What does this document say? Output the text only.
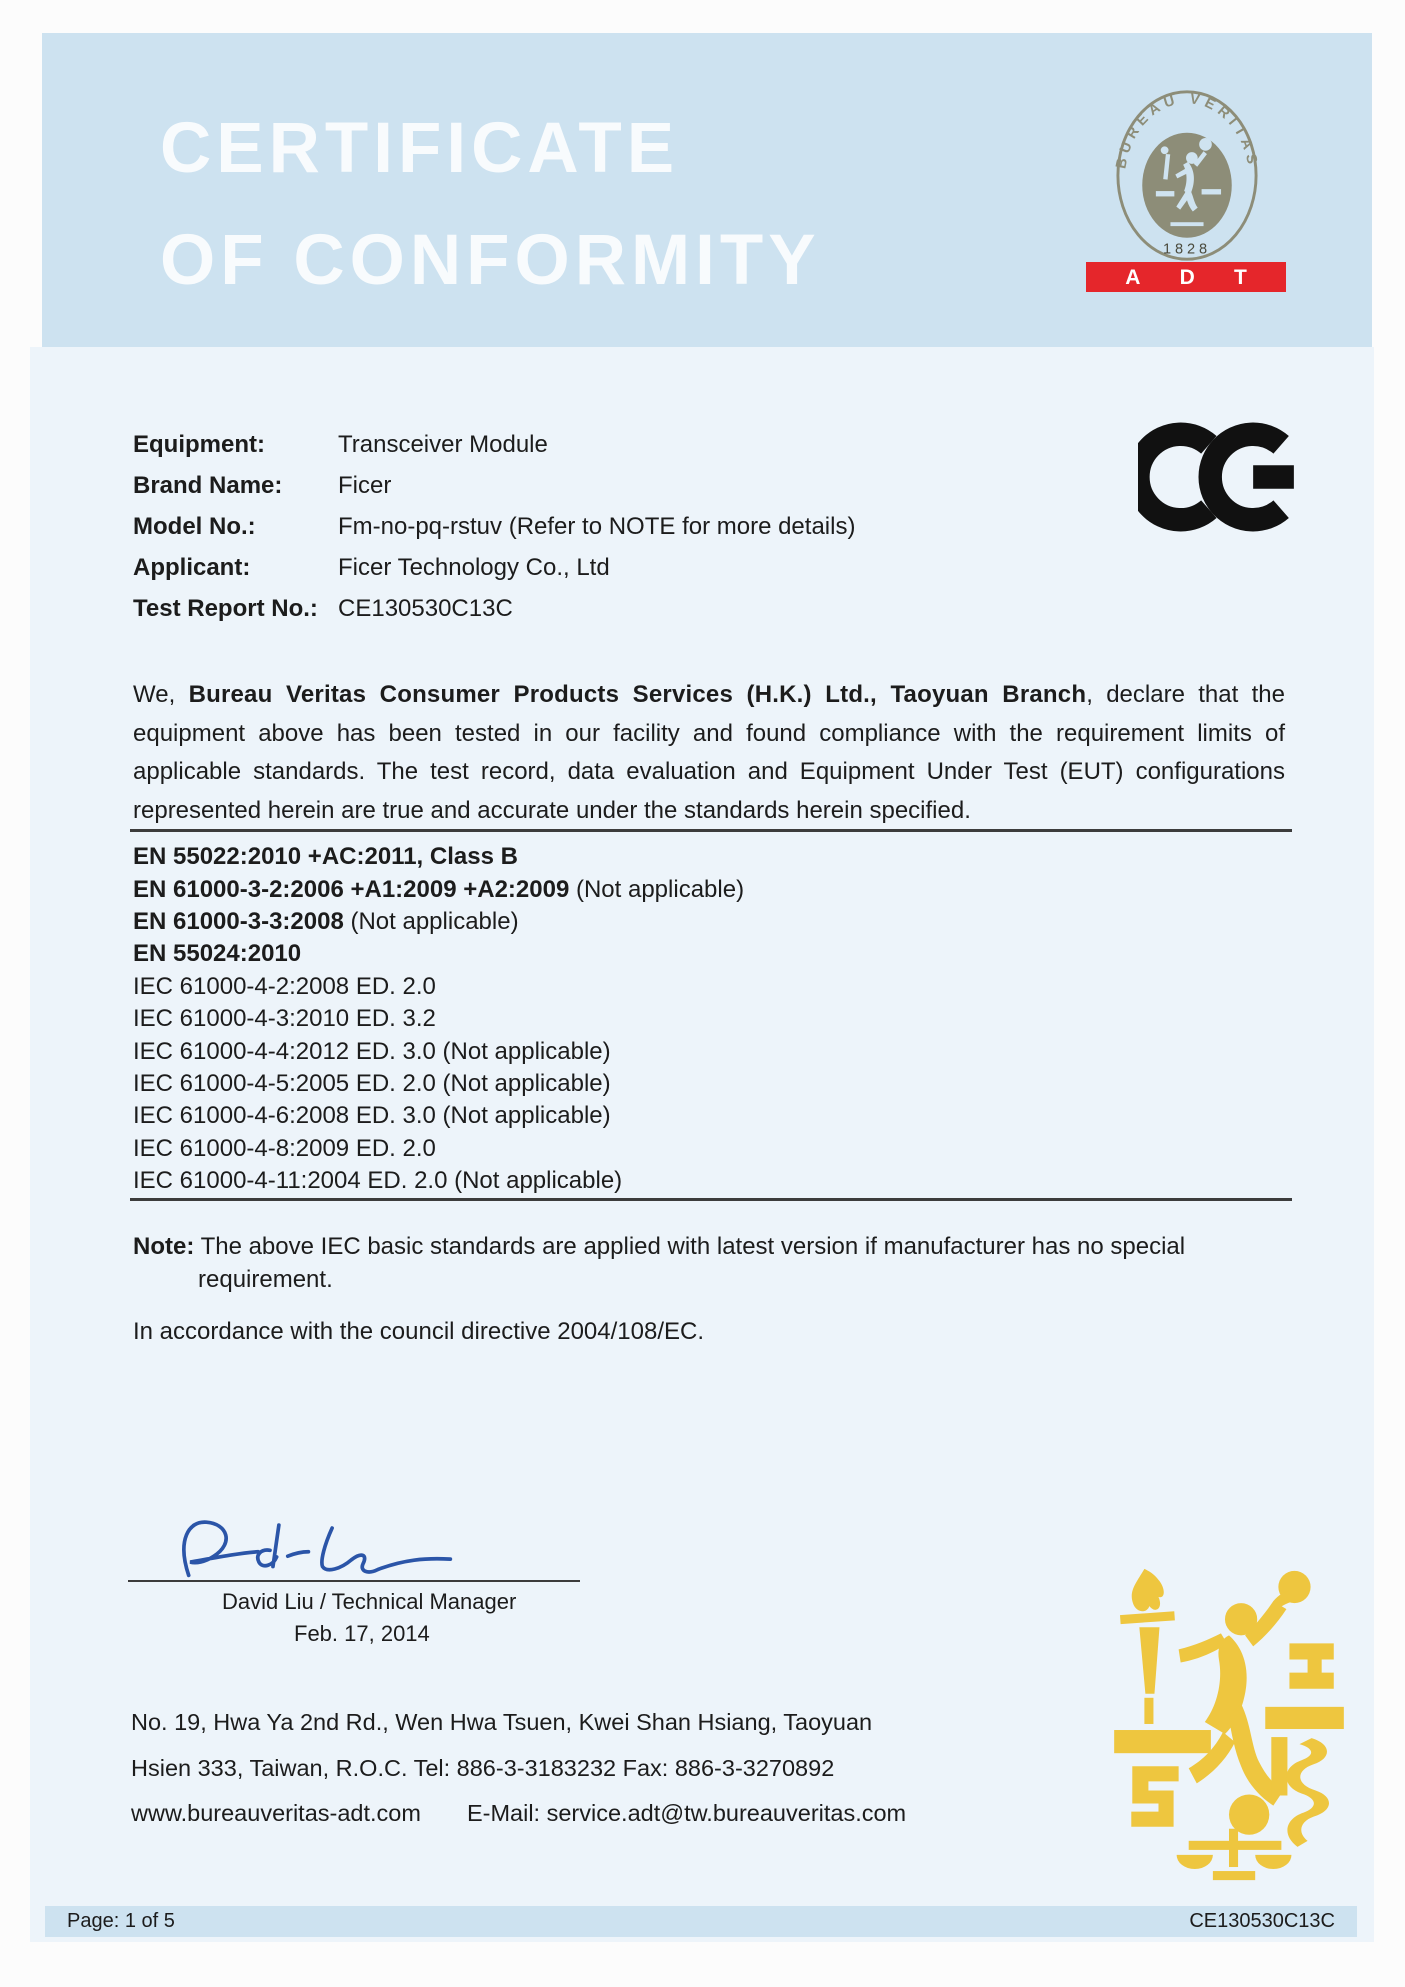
CERTIFICATE
OF CONFORMITY
BUREAU VERITAS
1828
A D T
Equipment:	Transceiver Module
Brand Name:	Ficer
Model No.:	Fm-no-pq-rstuv (Refer to NOTE for more details)
Applicant:	Ficer Technology Co., Ltd
Test Report No.: CE130530C13C

We, Bureau Veritas Consumer Products Services (H.K.) Ltd., Taoyuan Branch, declare that the equipment above has been tested in our facility and found compliance with the requirement limits of applicable standards. The test record, data evaluation and Equipment Under Test (EUT) configurations represented herein are true and accurate under the standards herein specified.

EN 55022:2010 +AC:2011, Class B
EN 61000-3-2:2006 +A1:2009 +A2:2009 (Not applicable)
EN 61000-3-3:2008 (Not applicable)
EN 55024:2010
IEC 61000-4-2:2008 ED. 2.0
IEC 61000-4-3:2010 ED. 3.2
IEC 61000-4-4:2012 ED. 3.0 (Not applicable)
IEC 61000-4-5:2005 ED. 2.0 (Not applicable)
IEC 61000-4-6:2008 ED. 3.0 (Not applicable)
IEC 61000-4-8:2009 ED. 2.0
IEC 61000-4-11:2004 ED. 2.0 (Not applicable)
Note: The above IEC basic standards are applied with latest version if manufacturer has no special
requirement.
In accordance with the council directive 2004/108/EC.
David Liu / Technical Manager
Feb. 17, 2014
No. 19, Hwa Ya 2nd Rd., Wen Hwa Tsuen, Kwei Shan Hsiang, Taoyuan
Hsien 333, Taiwan, R.O.C. Tel: 886-3-3183232 Fax: 886-3-3270892
www.bureauveritas-adt.com E-Mail: service.adt@tw.bureauveritas.com
Page: 1 of 5	CE130530C13C
